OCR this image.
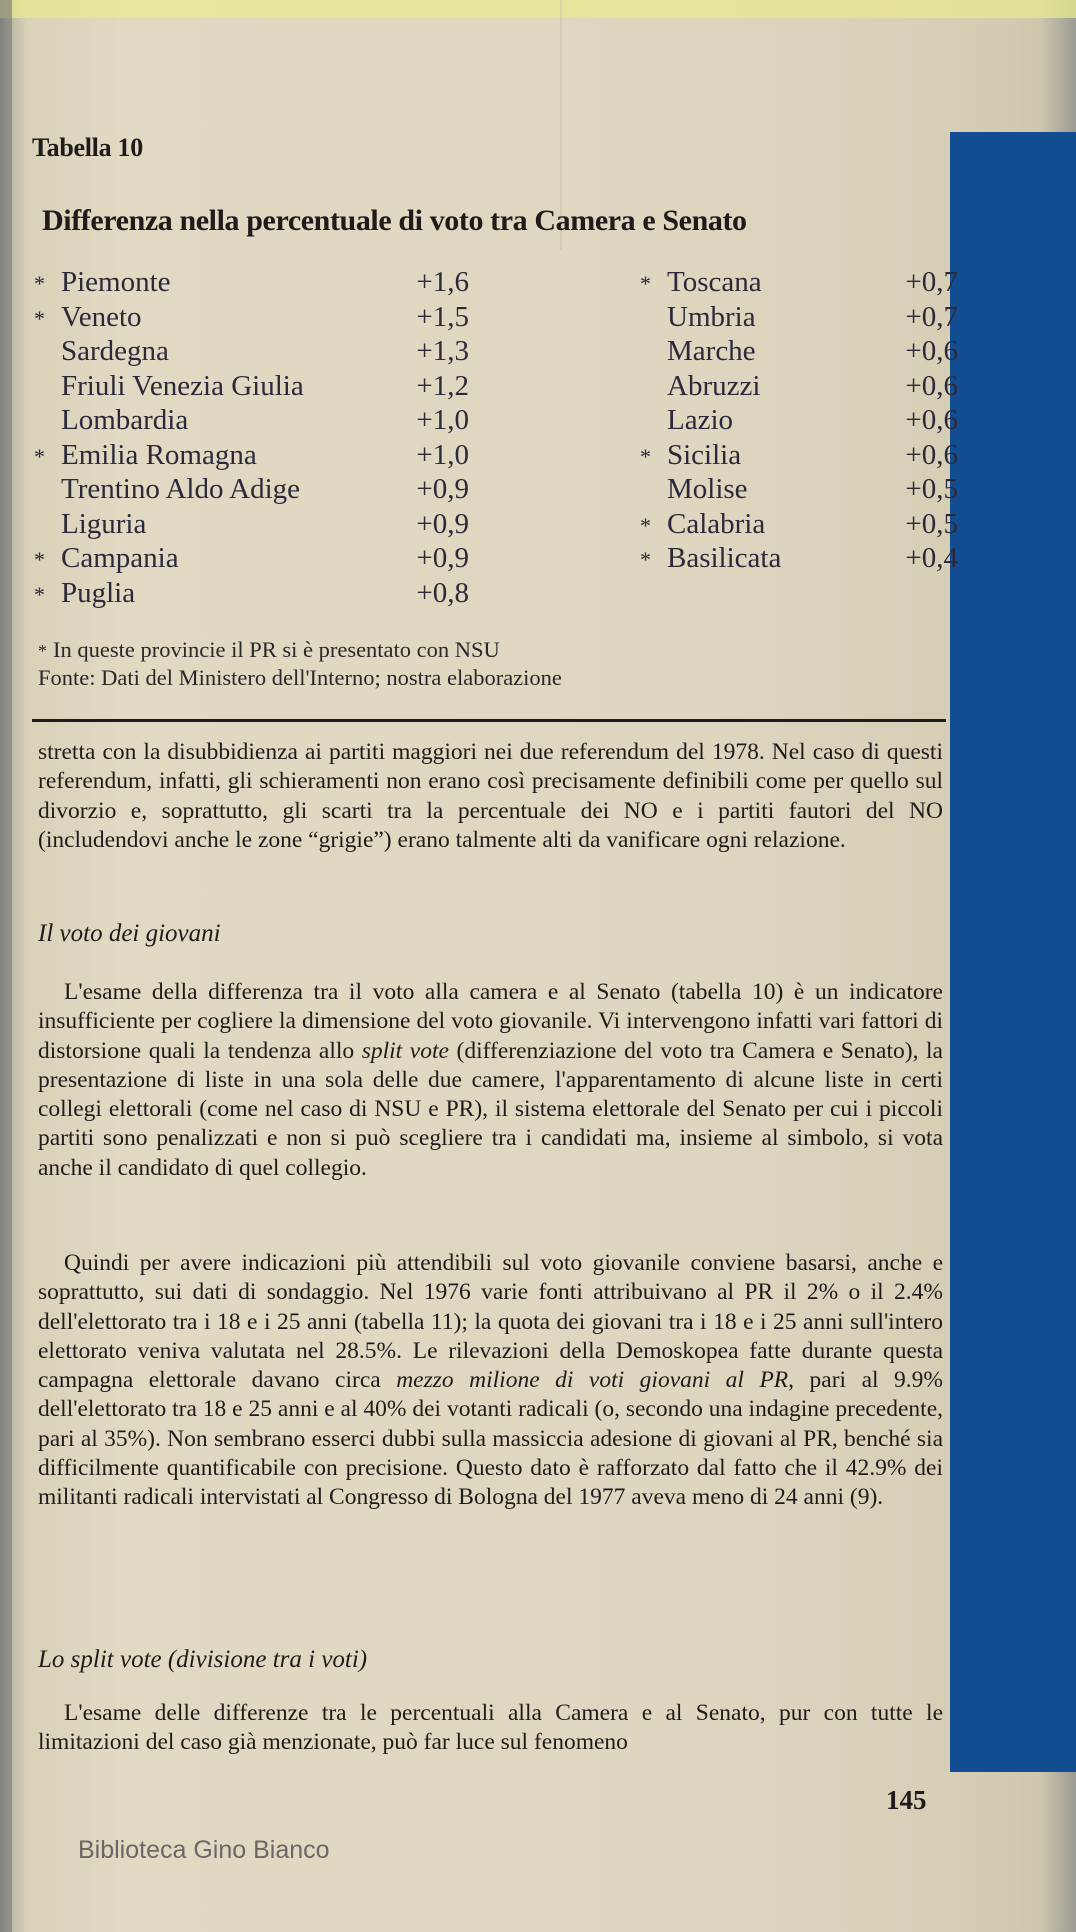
Tabella 10
Differenza nella percentuale di voto tra Camera e Senato
* Piemonte	+1,6
* Veneto	+1,5
Sardegna	+1,3
Friuli Venezia Giulia	+1,2
Lombardia	+1,0
* Emilia Romagna	+1,0
Trentino Aldo Adige	+0,9
Liguria	+0,9
* Campania	+0,9
* Puglia	+0,8
* Toscana	+0,7
Umbria	+0,7
Marche	+0,6
Abruzzi	+0,6
Lazio	+0,6
* Sicilia	+0,6
Molise	+0,5
* Calabria	+0,5
* Basilicata	+0,4
* In queste provincie il PR si è presentato con NSU
Fonte: Dati del Ministero dell'Interno; nostra elaborazione

stretta con la disubbidienza ai partiti maggiori nei due referendum del 1978. Nel caso di questi referendum, infatti, gli schieramenti non erano così precisamente definibili come per quello sul divorzio e, soprattutto, gli scarti tra la percentuale dei NO e i partiti fautori del NO (includendovi anche le zone “grigie”) erano talmente alti da vanificare ogni relazione.

Il voto dei giovani

L'esame della differenza tra il voto alla camera e al Senato (tabella 10) è un indicatore insufficiente per cogliere la dimensione del voto giovanile. Vi intervengono infatti vari fattori di distorsione quali la tendenza allo split vote (differenziazione del voto tra Camera e Senato), la presentazione di liste in una sola delle due camere, l'apparentamento di alcune liste in certi collegi elettorali (come nel caso di NSU e PR), il sistema elettorale del Senato per cui i piccoli partiti sono penalizzati e non si può scegliere tra i candidati ma, insieme al simbolo, si vota anche il candidato di quel collegio.

Quindi per avere indicazioni più attendibili sul voto giovanile conviene basarsi, anche e soprattutto, sui dati di sondaggio. Nel 1976 varie fonti attribuivano al PR il 2% o il 2.4% dell'elettorato tra i 18 e i 25 anni (tabella 11); la quota dei giovani tra i 18 e i 25 anni sull'intero elettorato veniva valutata nel 28.5%. Le rilevazioni della Demoskopea fatte durante questa campagna elettorale davano circa mezzo milione di voti giovani al PR, pari al 9.9% dell'elettorato tra 18 e 25 anni e al 40% dei votanti radicali (o, secondo una indagine precedente, pari al 35%). Non sembrano esserci dubbi sulla massiccia adesione di giovani al PR, benché sia difficilmente quantificabile con precisione. Questo dato è rafforzato dal fatto che il 42.9% dei militanti radicali intervistati al Congresso di Bologna del 1977 aveva meno di 24 anni (9).

Lo split vote (divisione tra i voti)

L'esame delle differenze tra le percentuali alla Camera e al Senato, pur con tutte le limitazioni del caso già menzionate, può far luce sul fenomeno

145
Biblioteca Gino Bianco
